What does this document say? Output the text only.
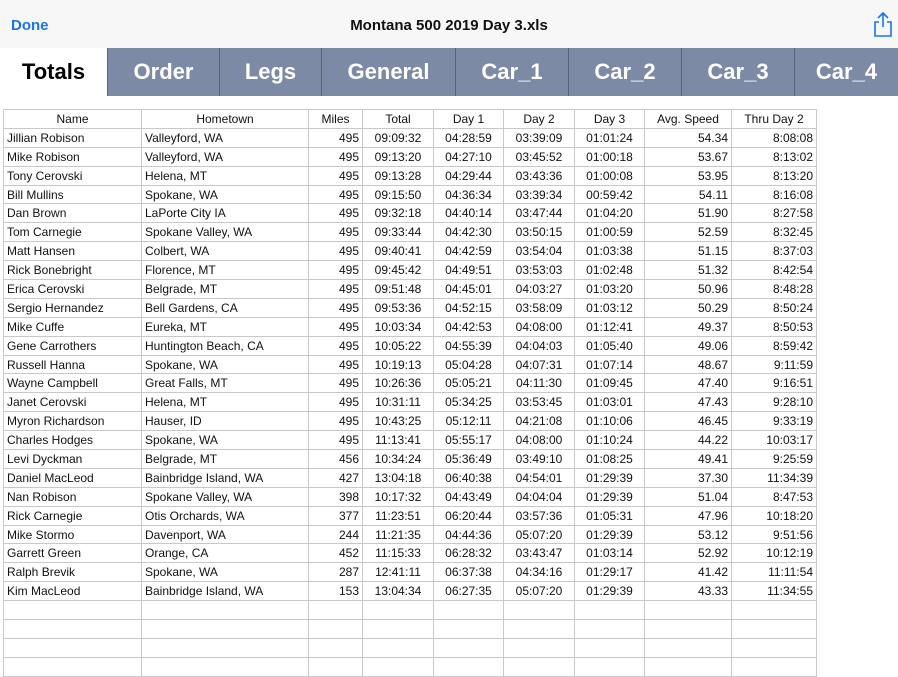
Done	Montana 500 2019 Day 3.xls
Totals	Order	Legs	General	Car_1	Car_2	Car_3	Car_4
Name	Hometown	Miles	Total	Day 1	Day 2	Day 3	Avg. Speed	Thru Day 2
Jillian Robison	Valleyford, WA	495	09:09:32	04:28:59	03:39:09	01:01:24	54.34	8:08:08
Mike Robison	Valleyford, WA	495	09:13:20	04:27:10	03:45:52	01:00:18	53.67	8:13:02
Tony Cerovski	Helena, MT	495	09:13:28	04:29:44	03:43:36	01:00:08	53.95	8:13:20
Bill Mullins	Spokane, WA	495	09:15:50	04:36:34	03:39:34	00:59:42	54.11	8:16:08
Dan Brown	LaPorte City IA	495	09:32:18	04:40:14	03:47:44	01:04:20	51.90	8:27:58
Tom Carnegie	Spokane Valley, WA	495	09:33:44	04:42:30	03:50:15	01:00:59	52.59	8:32:45
Matt Hansen	Colbert, WA	495	09:40:41	04:42:59	03:54:04	01:03:38	51.15	8:37:03
Rick Bonebright	Florence, MT	495	09:45:42	04:49:51	03:53:03	01:02:48	51.32	8:42:54
Erica Cerovski	Belgrade, MT	495	09:51:48	04:45:01	04:03:27	01:03:20	50.96	8:48:28
Sergio Hernandez	Bell Gardens, CA	495	09:53:36	04:52:15	03:58:09	01:03:12	50.29	8:50:24
Mike Cuffe	Eureka, MT	495	10:03:34	04:42:53	04:08:00	01:12:41	49.37	8:50:53
Gene Carrothers	Huntington Beach, CA	495	10:05:22	04:55:39	04:04:03	01:05:40	49.06	8:59:42
Russell Hanna	Spokane, WA	495	10:19:13	05:04:28	04:07:31	01:07:14	48.67	9:11:59
Wayne Campbell	Great Falls, MT	495	10:26:36	05:05:21	04:11:30	01:09:45	47.40	9:16:51
Janet Cerovski	Helena, MT	495	10:31:11	05:34:25	03:53:45	01:03:01	47.43	9:28:10
Myron Richardson	Hauser, ID	495	10:43:25	05:12:11	04:21:08	01:10:06	46.45	9:33:19
Charles Hodges	Spokane, WA	495	11:13:41	05:55:17	04:08:00	01:10:24	44.22	10:03:17
Levi Dyckman	Belgrade, MT	456	10:34:24	05:36:49	03:49:10	01:08:25	49.41	9:25:59
Daniel MacLeod	Bainbridge Island, WA	427	13:04:18	06:40:38	04:54:01	01:29:39	37.30	11:34:39
Nan Robison	Spokane Valley, WA	398	10:17:32	04:43:49	04:04:04	01:29:39	51.04	8:47:53
Rick Carnegie	Otis Orchards, WA	377	11:23:51	06:20:44	03:57:36	01:05:31	47.96	10:18:20
Mike Stormo	Davenport, WA	244	11:21:35	04:44:36	05:07:20	01:29:39	53.12	9:51:56
Garrett Green	Orange, CA	452	11:15:33	06:28:32	03:43:47	01:03:14	52.92	10:12:19
Ralph Brevik	Spokane, WA	287	12:41:11	06:37:38	04:34:16	01:29:17	41.42	11:11:54
Kim MacLeod	Bainbridge Island, WA	153	13:04:34	06:27:35	05:07:20	01:29:39	43.33	11:34:55
